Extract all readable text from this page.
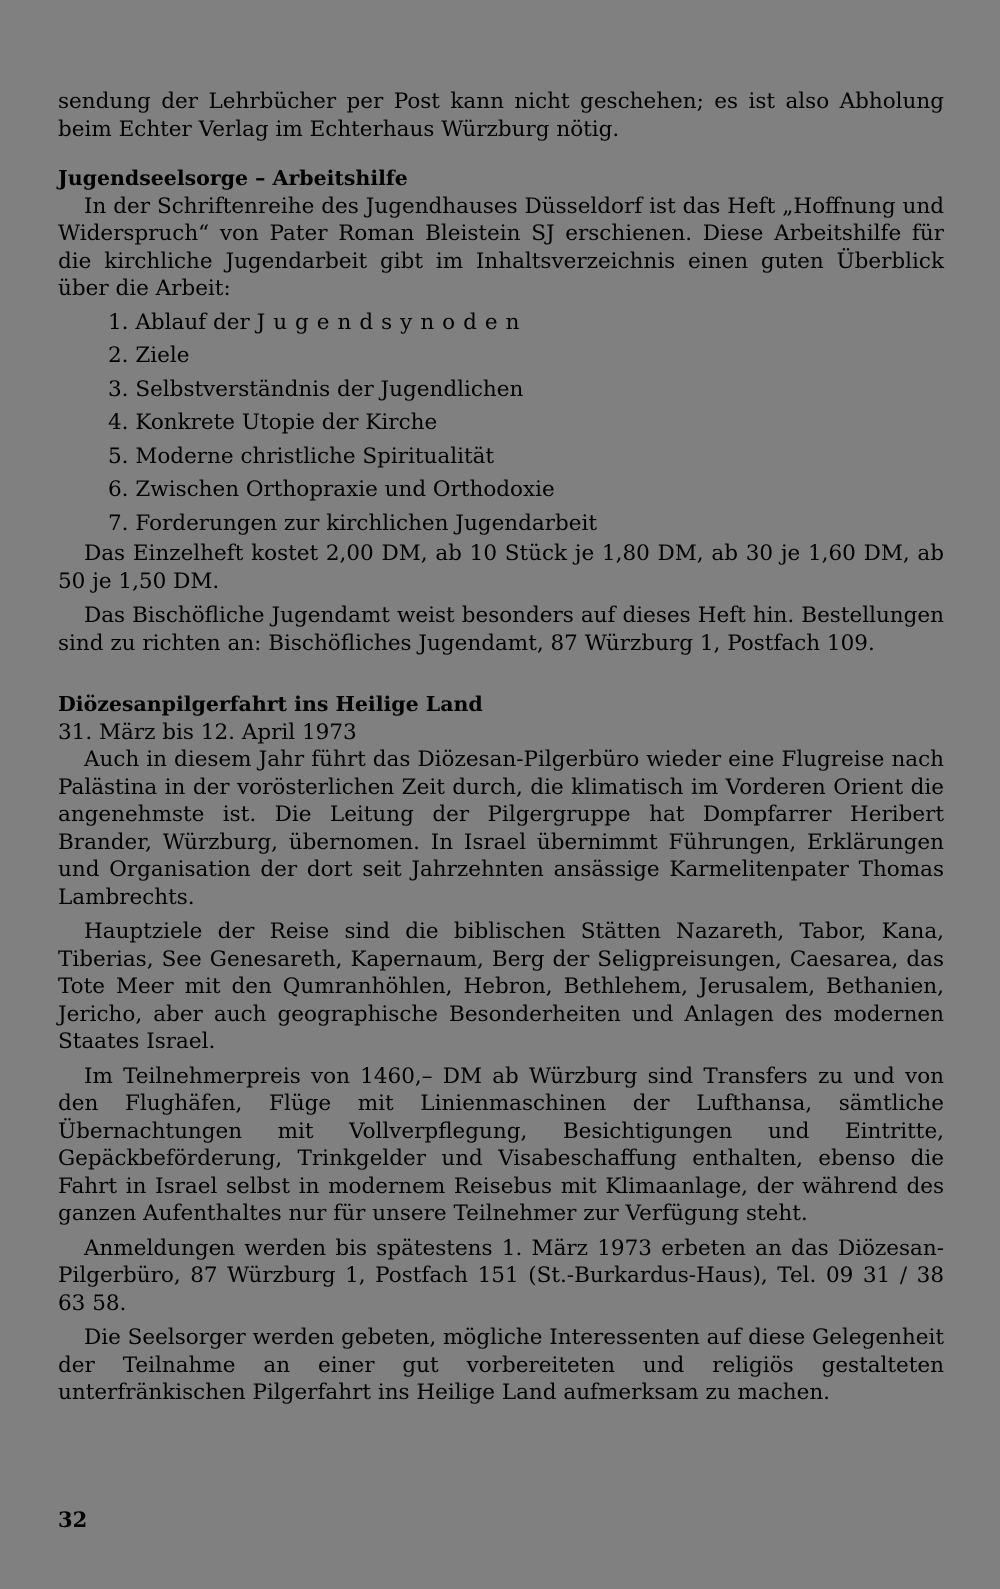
sendung der Lehrbücher per Post kann nicht geschehen; es ist also Abholung beim Echter Verlag im Echterhaus Würzburg nötig.

Jugendseelsorge – Arbeitshilfe

In der Schriftenreihe des Jugendhauses Düsseldorf ist das Heft „Hoffnung und Widerspruch“ von Pater Roman Bleistein SJ erschienen. Diese Arbeitshilfe für die kirchliche Jugendarbeit gibt im Inhaltsverzeichnis einen guten Überblick über die Arbeit:

1. Ablauf der Jugendsynoden
2. Ziele
3. Selbstverständnis der Jugendlichen
4. Konkrete Utopie der Kirche
5. Moderne christliche Spiritualität
6. Zwischen Orthopraxie und Orthodoxie
7. Forderungen zur kirchlichen Jugendarbeit

Das Einzelheft kostet 2,00 DM, ab 10 Stück je 1,80 DM, ab 30 je 1,60 DM, ab 50 je 1,50 DM.

Das Bischöfliche Jugendamt weist besonders auf dieses Heft hin. Bestellungen sind zu richten an: Bischöfliches Jugendamt, 87 Würzburg 1, Postfach 109.

Diözesanpilgerfahrt ins Heilige Land

31. März bis 12. April 1973

Auch in diesem Jahr führt das Diözesan-Pilgerbüro wieder eine Flugreise nach Palästina in der vorösterlichen Zeit durch, die klimatisch im Vorderen Orient die angenehmste ist. Die Leitung der Pilgergruppe hat Dompfarrer Heribert Brander, Würzburg, übernomen. In Israel übernimmt Führungen, Erklärungen und Organisation der dort seit Jahrzehnten ansässige Karmelitenpater Thomas Lambrechts.

Hauptziele der Reise sind die biblischen Stätten Nazareth, Tabor, Kana, Tiberias, See Genesareth, Kapernaum, Berg der Seligpreisungen, Caesarea, das Tote Meer mit den Qumranhöhlen, Hebron, Bethlehem, Jerusalem, Bethanien, Jericho, aber auch geographische Besonderheiten und Anlagen des modernen Staates Israel.

Im Teilnehmerpreis von 1460,– DM ab Würzburg sind Transfers zu und von den Flughäfen, Flüge mit Linienmaschinen der Lufthansa, sämtliche Übernachtungen mit Vollverpflegung, Besichtigungen und Eintritte, Gepäckbeförderung, Trinkgelder und Visabeschaffung enthalten, ebenso die Fahrt in Israel selbst in modernem Reisebus mit Klimaanlage, der während des ganzen Aufenthaltes nur für unsere Teilnehmer zur Verfügung steht.

Anmeldungen werden bis spätestens 1. März 1973 erbeten an das Diözesan-Pilgerbüro, 87 Würzburg 1, Postfach 151 (St.-Burkardus-Haus), Tel. 09 31 / 38 63 58.

Die Seelsorger werden gebeten, mögliche Interessenten auf diese Gelegenheit der Teilnahme an einer gut vorbereiteten und religiös gestalteten unterfränkischen Pilgerfahrt ins Heilige Land aufmerksam zu machen.

32
